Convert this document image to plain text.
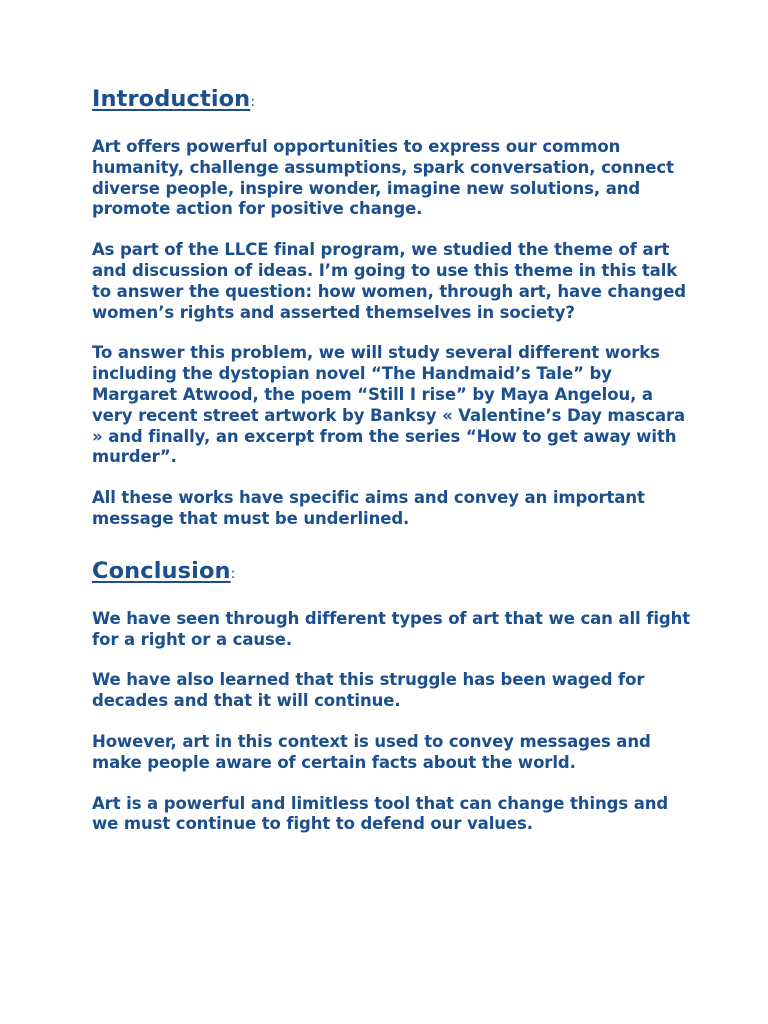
Introduction:

Art offers powerful opportunities to express our common humanity, challenge assumptions, spark conversation, connect diverse people, inspire wonder, imagine new solutions, and promote action for positive change.

As part of the LLCE final program, we studied the theme of art and discussion of ideas. I’m going to use this theme in this talk to answer the question: how women, through art, have changed women’s rights and asserted themselves in society?

To answer this problem, we will study several different works including the dystopian novel “The Handmaid’s Tale” by Margaret Atwood, the poem “Still I rise” by Maya Angelou, a very recent street artwork by Banksy « Valentine’s Day mascara » and finally, an excerpt from the series “How to get away with murder”.

All these works have specific aims and convey an important message that must be underlined.

Conclusion:

We have seen through different types of art that we can all fight for a right or a cause.

We have also learned that this struggle has been waged for decades and that it will continue.

However, art in this context is used to convey messages and make people aware of certain facts about the world.

Art is a powerful and limitless tool that can change things and we must continue to fight to defend our values.
